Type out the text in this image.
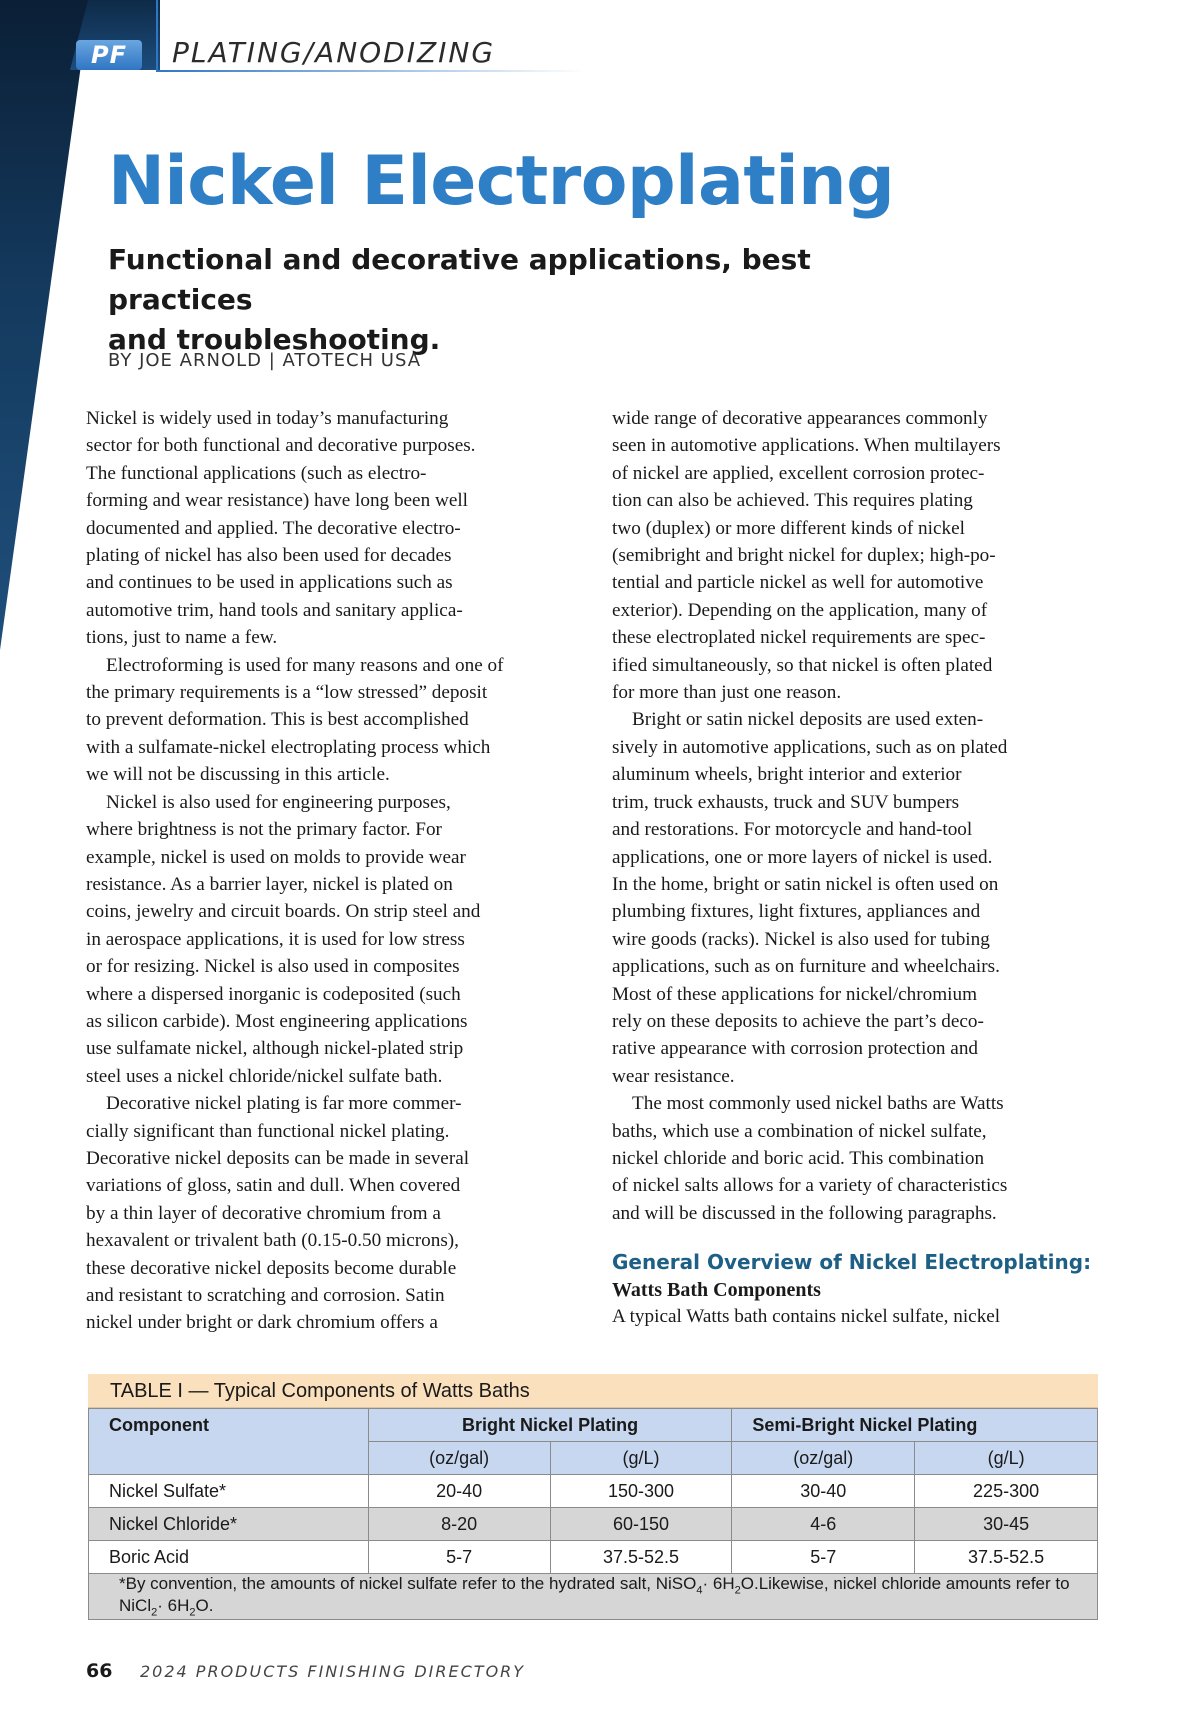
PF	PLATING/ANODIZING
Nickel Electroplating
Functional and decorative applications, best practices
and troubleshooting.
BY JOE ARNOLD | ATOTECH USA

Nickel is widely used in today’s manufacturing

sector for both functional and decorative purposes.

The functional applications (such as electro-

forming and wear resistance) have long been well

documented and applied. The decorative electro-

plating of nickel has also been used for decades

and continues to be used in applications such as

automotive trim, hand tools and sanitary applica-

tions, just to name a few.

Electroforming is used for many reasons and one of

the primary requirements is a “low stressed” deposit

to prevent deformation. This is best accomplished

with a sulfamate-nickel electroplating process which

we will not be discussing in this article.

Nickel is also used for engineering purposes,

where brightness is not the primary factor. For

example, nickel is used on molds to provide wear

resistance. As a barrier layer, nickel is plated on

coins, jewelry and circuit boards. On strip steel and

in aerospace applications, it is used for low stress

or for resizing. Nickel is also used in composites

where a dispersed inorganic is codeposited (such

as silicon carbide). Most engineering applications

use sulfamate nickel, although nickel-plated strip

steel uses a nickel chloride/nickel sulfate bath.

Decorative nickel plating is far more commer-

cially significant than functional nickel plating.

Decorative nickel deposits can be made in several

variations of gloss, satin and dull. When covered

by a thin layer of decorative chromium from a

hexavalent or trivalent bath (0.15-0.50 microns),

these decorative nickel deposits become durable

and resistant to scratching and corrosion. Satin

nickel under bright or dark chromium offers a

wide range of decorative appearances commonly

seen in automotive applications. When multilayers

of nickel are applied, excellent corrosion protec-

tion can also be achieved. This requires plating

two (duplex) or more different kinds of nickel

(semibright and bright nickel for duplex; high-po-

tential and particle nickel as well for automotive

exterior). Depending on the application, many of

these electroplated nickel requirements are spec-

ified simultaneously, so that nickel is often plated

for more than just one reason.

Bright or satin nickel deposits are used exten-

sively in automotive applications, such as on plated

aluminum wheels, bright interior and exterior

trim, truck exhausts, truck and SUV bumpers

and restorations. For motorcycle and hand-tool

applications, one or more layers of nickel is used.

In the home, bright or satin nickel is often used on

plumbing fixtures, light fixtures, appliances and

wire goods (racks). Nickel is also used for tubing

applications, such as on furniture and wheelchairs.

Most of these applications for nickel/chromium

rely on these deposits to achieve the part’s deco-

rative appearance with corrosion protection and

wear resistance.

The most commonly used nickel baths are Watts

baths, which use a combination of nickel sulfate,

nickel chloride and boric acid. This combination

of nickel salts allows for a variety of characteristics

and will be discussed in the following paragraphs.

General Overview of Nickel Electroplating:
Watts Bath Components

A typical Watts bath contains nickel sulfate, nickel

TABLE I — Typical Components of Watts Baths
Component	Bright Nickel Plating		Semi-Bright Nickel Plating	
	(oz/gal)	(g/L)	(oz/gal)	(g/L)
Nickel Sulfate*	20-40	150-300	30-40	225-300
Nickel Chloride*	8-20	60-150	4-6	30-45
Boric Acid	5-7	37.5-52.5	5-7	37.5-52.5
*By convention, the amounts of nickel sulfate refer to the hydrated salt, NiSO$_4$· $6H_2O.Likewise$, nickel chloride amounts refer to NiCl$_2$· $6H_2O$.				
66 2024 PRODUCTS FINISHING DIRECTORY
